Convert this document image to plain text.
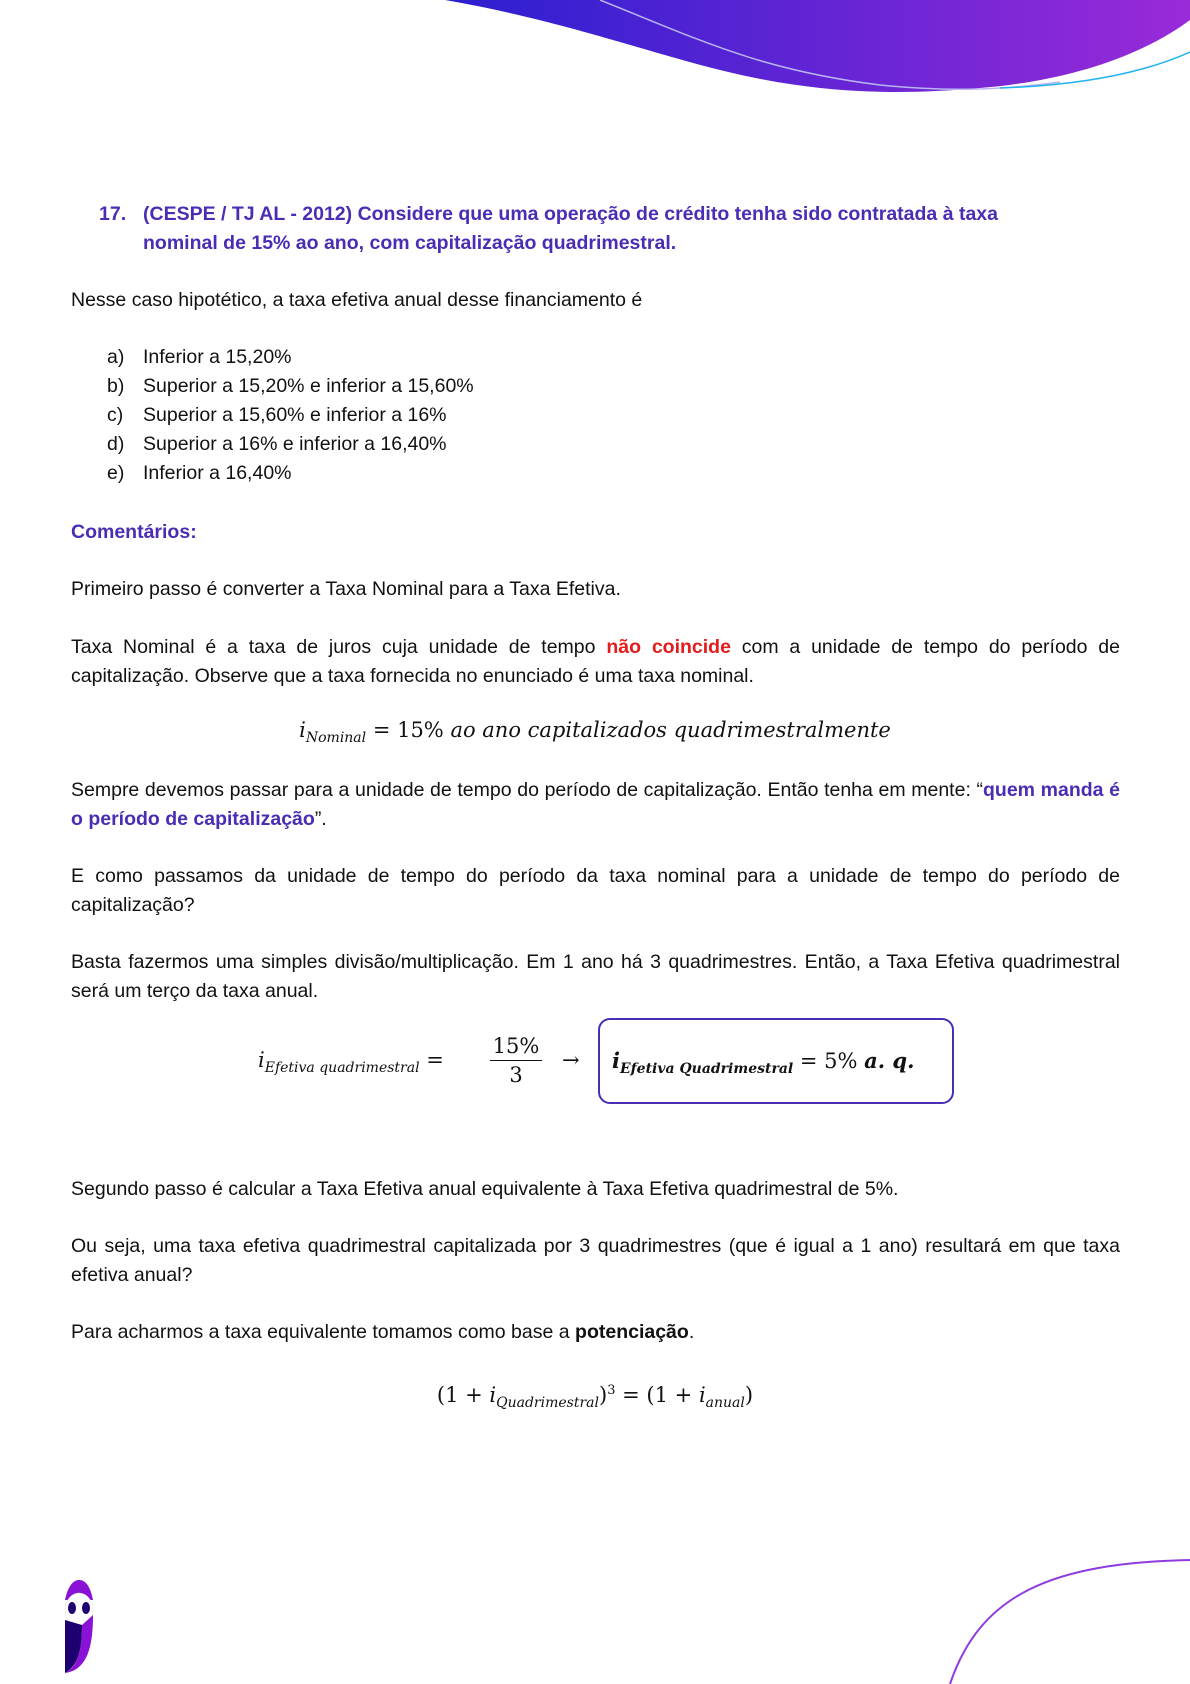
17. (CESPE / TJ AL - 2012) Considere que uma operação de crédito tenha sido contratada à taxa
nominal de 15% ao ano, com capitalização quadrimestral.
Nesse caso hipotético, a taxa efetiva anual desse financiamento é
a) Inferior a 15,20%
b) Superior a 15,20% e inferior a 15,60%
c) Superior a 15,60% e inferior a 16%
d) Superior a 16% e inferior a 16,40%
e) Inferior a 16,40%
Comentários:
Primeiro passo é converter a Taxa Nominal para a Taxa Efetiva.
Taxa Nominal é a taxa de juros cuja unidade de tempo não coincide com a unidade de tempo do período de capitalização. Observe que a taxa fornecida no enunciado é uma taxa nominal.
$i_{Nominal} = 15\%$ ao ano capitalizados quadrimestralmente
Sempre devemos passar para a unidade de tempo do período de capitalização. Então tenha em mente: “quem manda é o período de capitalização”.
E como passamos da unidade de tempo do período da taxa nominal para a unidade de tempo do período de capitalização?
Basta fazermos uma simples divisão/multiplicação. Em 1 ano há 3 quadrimestres. Então, a Taxa Efetiva quadrimestral será um terço da taxa anual.
$i_{Efetiva quadrimestral} = \frac{15\%}{3} \to i_{Efetiva Quadrimestral} = 5\%$ a. q.
Segundo passo é calcular a Taxa Efetiva anual equivalente à Taxa Efetiva quadrimestral de 5%.
Ou seja, uma taxa efetiva quadrimestral capitalizada por 3 quadrimestres (que é igual a 1 ano) resultará em que taxa efetiva anual?
Para acharmos a taxa equivalente tomamos como base a potenciação.
$(1 + i_{Quadrimestral})^3 = (1 + i_{anual})$
